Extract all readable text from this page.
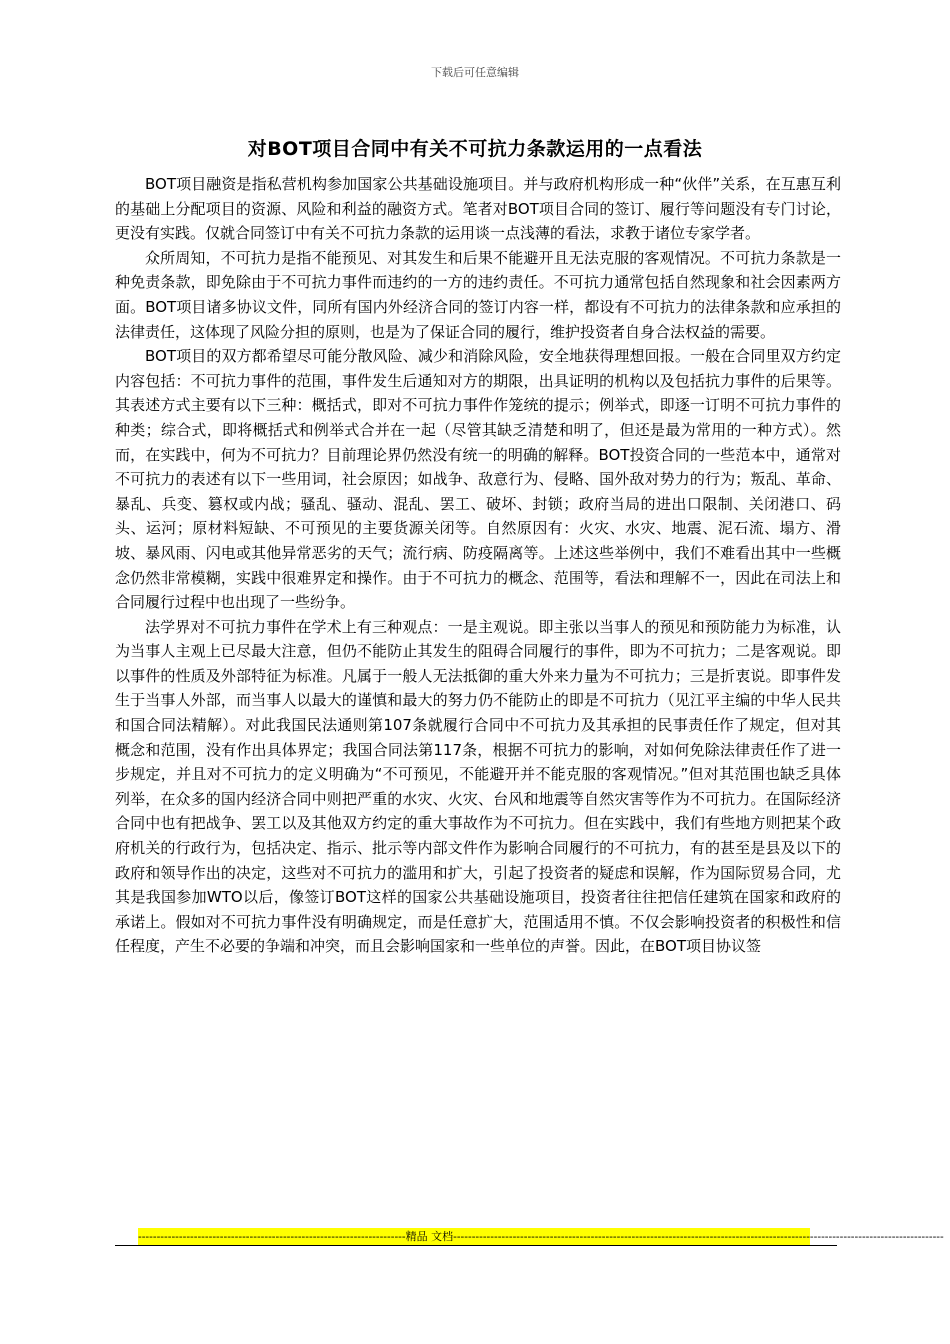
下载后可任意编辑
对BOT项目合同中有关不可抗力条款运用的一点看法

BOT项目融资是指私营机构参加国家公共基础设施项目。并与政府机构形成一种“伙伴”关系，在互惠互利的基础上分配项目的资源、风险和利益的融资方式。笔者对BOT项目合同的签订、履行等问题没有专门讨论，更没有实践。仅就合同签订中有关不可抗力条款的运用谈一点浅薄的看法，求教于诸位专家学者。

众所周知，不可抗力是指不能预见、对其发生和后果不能避开且无法克服的客观情况。不可抗力条款是一种免责条款，即免除由于不可抗力事件而违约的一方的违约责任。不可抗力通常包括自然现象和社会因素两方面。BOT项目诸多协议文件，同所有国内外经济合同的签订内容一样，都设有不可抗力的法律条款和应承担的法律责任，这体现了风险分担的原则，也是为了保证合同的履行，维护投资者自身合法权益的需要。

BOT项目的双方都希望尽可能分散风险、减少和消除风险，安全地获得理想回报。一般在合同里双方约定内容包括：不可抗力事件的范围，事件发生后通知对方的期限，出具证明的机构以及包括抗力事件的后果等。其表述方式主要有以下三种：概括式，即对不可抗力事件作笼统的提示；例举式，即逐一订明不可抗力事件的种类；综合式，即将概括式和例举式合并在一起（尽管其缺乏清楚和明了，但还是最为常用的一种方式）。然而，在实践中，何为不可抗力？目前理论界仍然没有统一的明确的解释。BOT投资合同的一些范本中，通常对不可抗力的表述有以下一些用词，社会原因；如战争、敌意行为、侵略、国外敌对势力的行为；叛乱、革命、暴乱、兵变、篡权或内战；骚乱、骚动、混乱、罢工、破坏、封锁；政府当局的进出口限制、关闭港口、码头、运河；原材料短缺、不可预见的主要货源关闭等。自然原因有：火灾、水灾、地震、泥石流、塌方、滑坡、暴风雨、闪电或其他异常恶劣的天气；流行病、防疫隔离等。上述这些举例中，我们不难看出其中一些概念仍然非常模糊，实践中很难界定和操作。由于不可抗力的概念、范围等，看法和理解不一，因此在司法上和合同履行过程中也出现了一些纷争。

法学界对不可抗力事件在学术上有三种观点：一是主观说。即主张以当事人的预见和预防能力为标准，认为当事人主观上已尽最大注意，但仍不能防止其发生的阻碍合同履行的事件，即为不可抗力；二是客观说。即以事件的性质及外部特征为标准。凡属于一般人无法抵御的重大外来力量为不可抗力；三是折衷说。即事件发生于当事人外部，而当事人以最大的谨慎和最大的努力仍不能防止的即是不可抗力（见江平主编的中华人民共和国合同法精解）。对此我国民法通则第107条就履行合同中不可抗力及其承担的民事责任作了规定，但对其概念和范围，没有作出具体界定；我国合同法第117条，根据不可抗力的影响，对如何免除法律责任作了进一步规定，并且对不可抗力的定义明确为“不可预见，不能避开并不能克服的客观情况。”但对其范围也缺乏具体列举，在众多的国内经济合同中则把严重的水灾、火灾、台风和地震等自然灾害等作为不可抗力。在国际经济合同中也有把战争、罢工以及其他双方约定的重大事故作为不可抗力。但在实践中，我们有些地方则把某个政府机关的行政行为，包括决定、指示、批示等内部文件作为影响合同履行的不可抗力，有的甚至是县及以下的政府和领导作出的决定，这些对不可抗力的滥用和扩大，引起了投资者的疑虑和误解，作为国际贸易合同，尤其是我国参加WTO以后，像签订BOT这样的国家公共基础设施项目，投资者往往把信任建筑在国家和政府的承诺上。假如对不可抗力事件没有明确规定，而是任意扩大，范围适用不慎。不仅会影响投资者的积极性和信任程度，产生不必要的争端和冲突，而且会影响国家和一些单位的声誉。因此，在BOT项目协议签

------------------------------------------------------------------------精品 文档------------------------------------------------------------------------------------------------------------------------------------
